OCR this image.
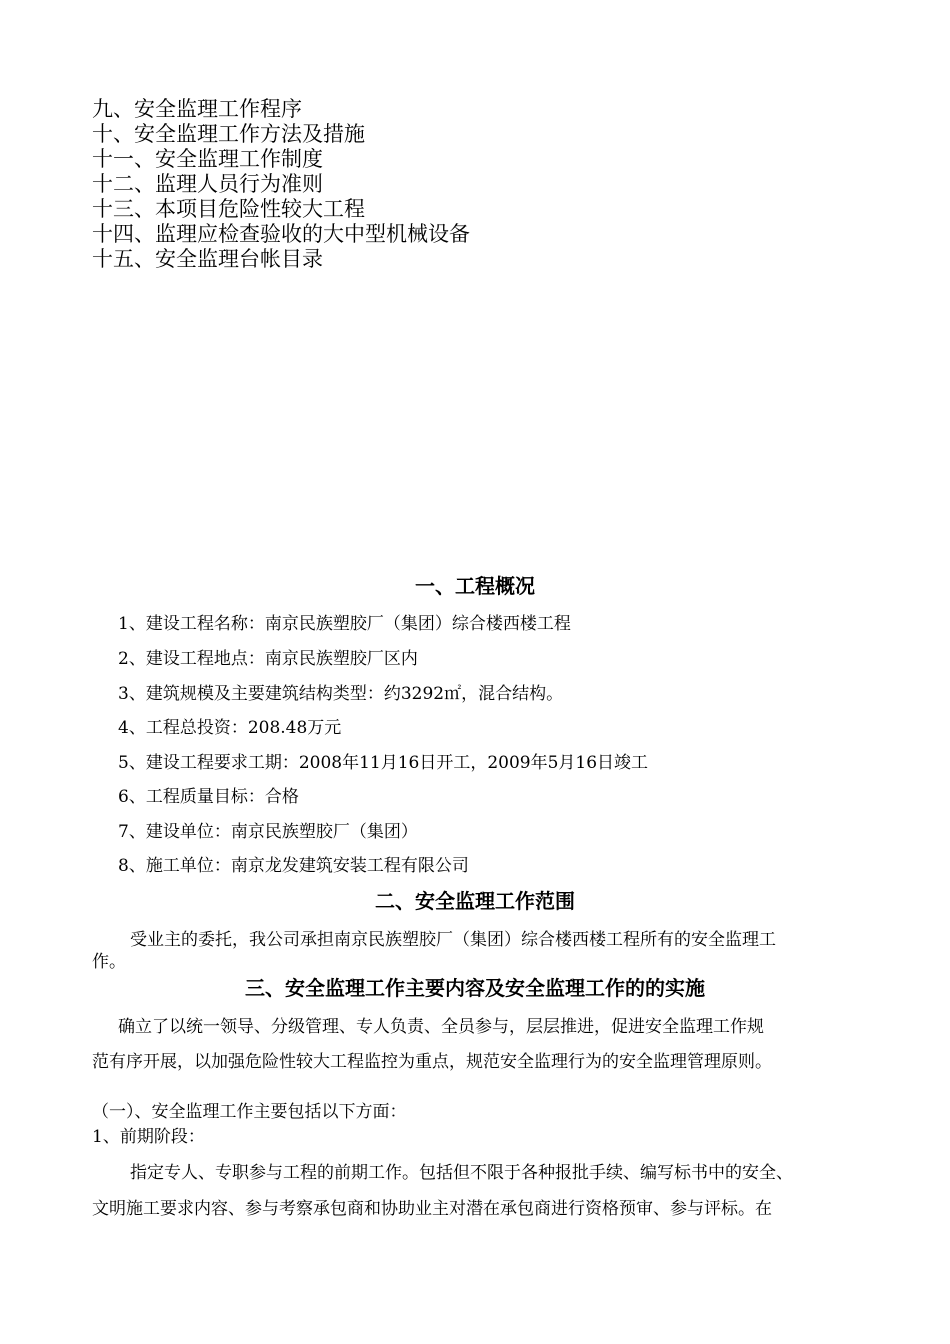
九、安全监理工作程序
十、安全监理工作方法及措施
十一、安全监理工作制度
十二、监理人员行为准则
十三、本项目危险性较大工程
十四、监理应检查验收的大中型机械设备
十五、安全监理台帐目录
一、工程概况
1、建设工程名称：南京民族塑胶厂（集团）综合楼西楼工程
2、建设工程地点：南京民族塑胶厂区内
3、建筑规模及主要建筑结构类型：约3292㎡，混合结构。
4、工程总投资：208.48万元
5、建设工程要求工期：2008年11月16日开工，2009年5月16日竣工
6、工程质量目标：合格
7、建设单位：南京民族塑胶厂（集团）
8、施工单位：南京龙发建筑安装工程有限公司
二、安全监理工作范围
受业主的委托，我公司承担南京民族塑胶厂（集团）综合楼西楼工程所有的安全监理工
作。
三、安全监理工作主要内容及安全监理工作的的实施
确立了以统一领导、分级管理、专人负责、全员参与，层层推进，促进安全监理工作规
范有序开展，以加强危险性较大工程监控为重点，规范安全监理行为的安全监理管理原则。
（一）、安全监理工作主要包括以下方面：
1、前期阶段：
指定专人、专职参与工程的前期工作。包括但不限于各种报批手续、编写标书中的安全、
文明施工要求内容、参与考察承包商和协助业主对潜在承包商进行资格预审、参与评标。在
